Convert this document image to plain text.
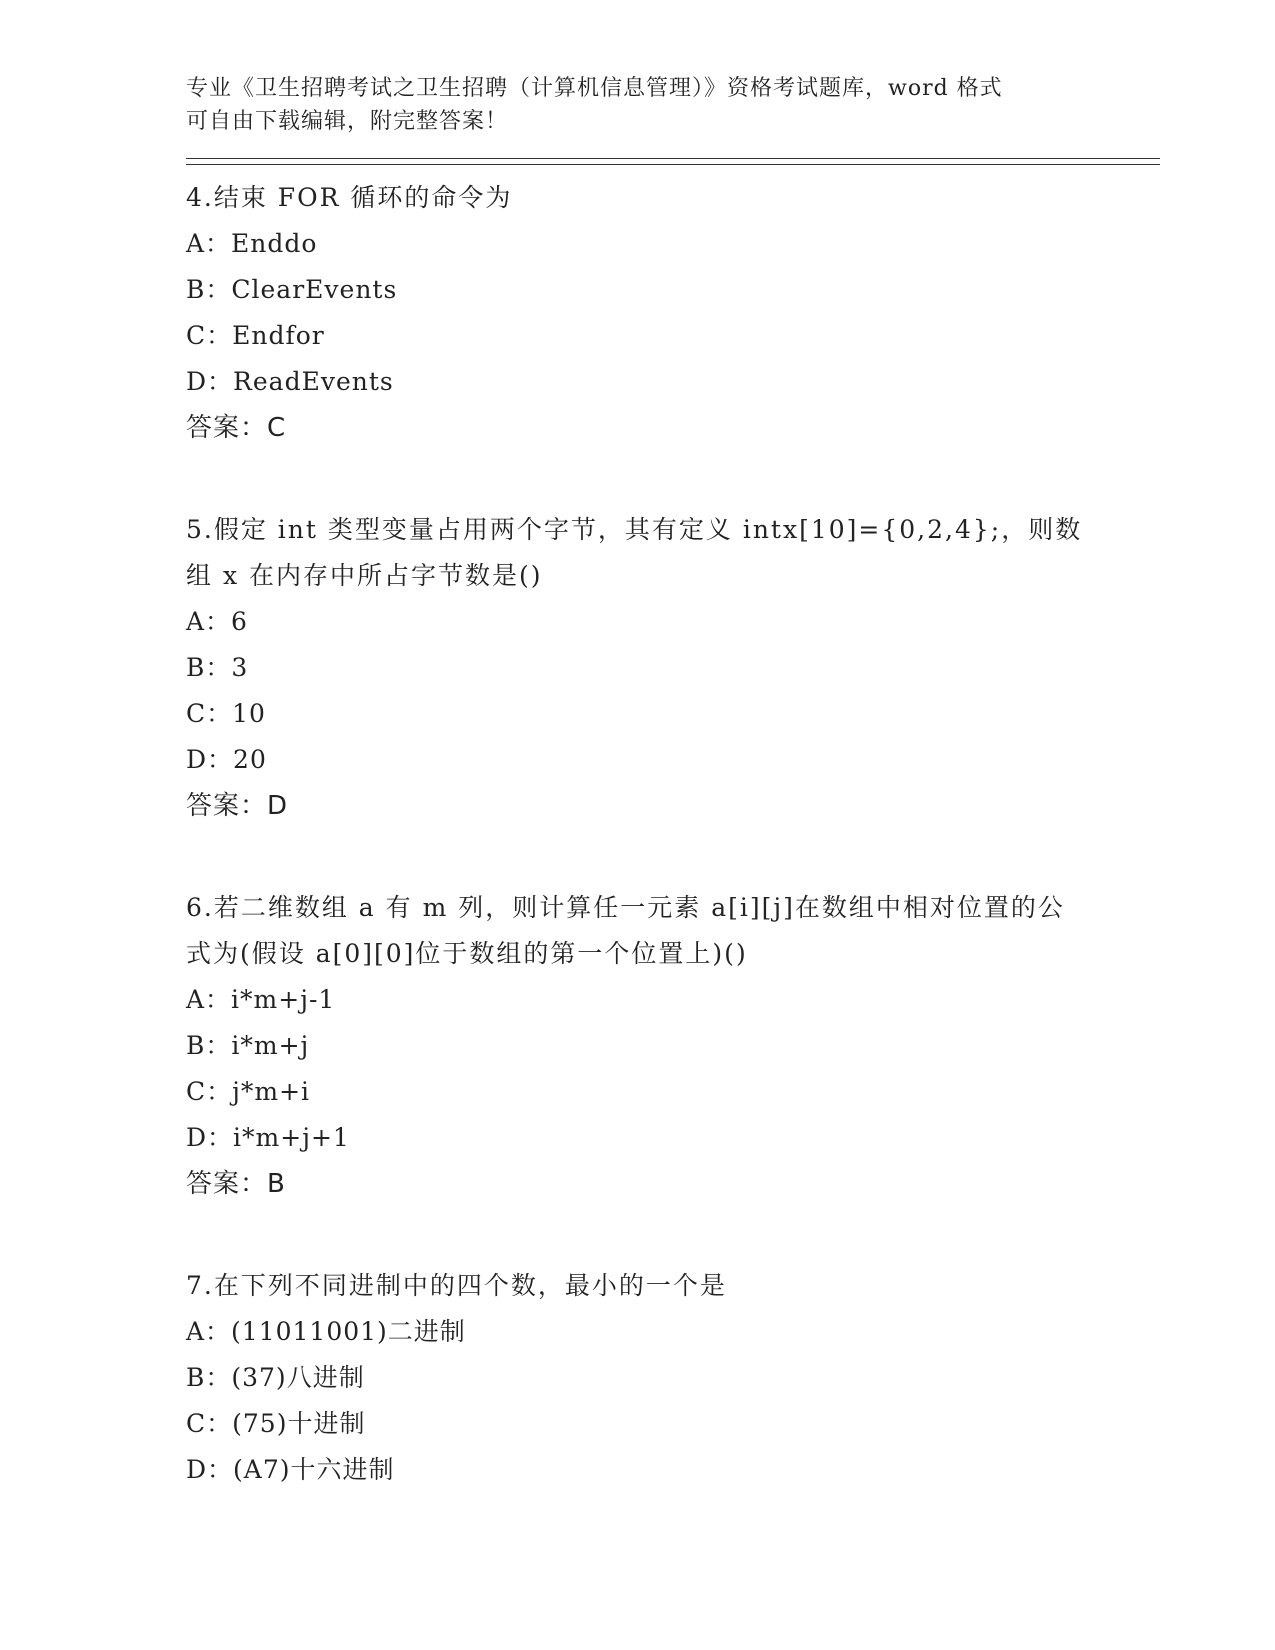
专业《卫生招聘考试之卫生招聘（计算机信息管理）》资格考试题库，word 格式
可自由下载编辑，附完整答案！
4.结束 FOR 循环的命令为
A：Enddo
B：ClearEvents
C：Endfor
D：ReadEvents
答案：C
5.假定 int 类型变量占用两个字节，其有定义 intx[10]={0,2,4};，则数组 x 在内存中所占字节数是()
A：6
B：3
C：10
D：20
答案：D
6.若二维数组 a 有 m 列，则计算任一元素 a[i][j]在数组中相对位置的公式为(假设 a[0][0]位于数组的第一个位置上)()
A：i*m+j-1
B：i*m+j
C：j*m+i
D：i*m+j+1
答案：B
7.在下列不同进制中的四个数，最小的一个是
A：(11011001)二进制
B：(37)八进制
C：(75)十进制
D：(A7)十六进制
